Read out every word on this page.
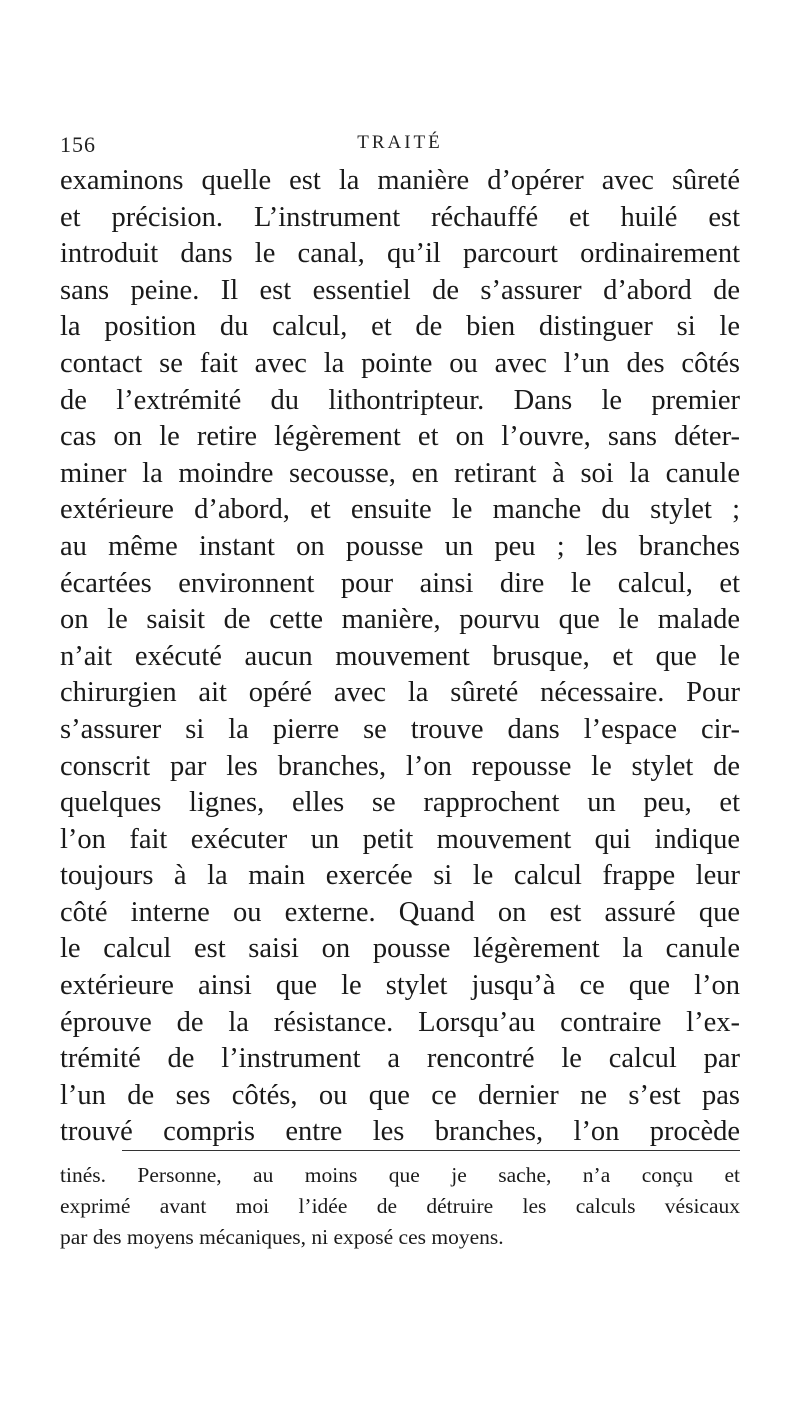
156	TRAITÉ
examinons quelle est la manière d’opérer avec sûreté
et précision. L’instrument réchauffé et huilé est
introduit dans le canal, qu’il parcourt ordinairement
sans peine. Il est essentiel de s’assurer d’abord de
la position du calcul, et de bien distinguer si le
contact se fait avec la pointe ou avec l’un des côtés
de l’extrémité du lithontripteur. Dans le premier
cas on le retire légèrement et on l’ouvre, sans déter-
miner la moindre secousse, en retirant à soi la canule
extérieure d’abord, et ensuite le manche du stylet ;
au même instant on pousse un peu ; les branches
écartées environnent pour ainsi dire le calcul, et
on le saisit de cette manière, pourvu que le malade
n’ait exécuté aucun mouvement brusque, et que le
chirurgien ait opéré avec la sûreté nécessaire. Pour
s’assurer si la pierre se trouve dans l’espace cir-
conscrit par les branches, l’on repousse le stylet de
quelques lignes, elles se rapprochent un peu, et
l’on fait exécuter un petit mouvement qui indique
toujours à la main exercée si le calcul frappe leur
côté interne ou externe. Quand on est assuré que
le calcul est saisi on pousse légèrement la canule
extérieure ainsi que le stylet jusqu’à ce que l’on
éprouve de la résistance. Lorsqu’au contraire l’ex-
trémité de l’instrument a rencontré le calcul par
l’un de ses côtés, ou que ce dernier ne s’est pas
trouvé compris entre les branches, l’on procède
tinés. Personne, au moins que je sache, n’a conçu et
exprimé avant moi l’idée de détruire les calculs vésicaux
par des moyens mécaniques, ni exposé ces moyens.
